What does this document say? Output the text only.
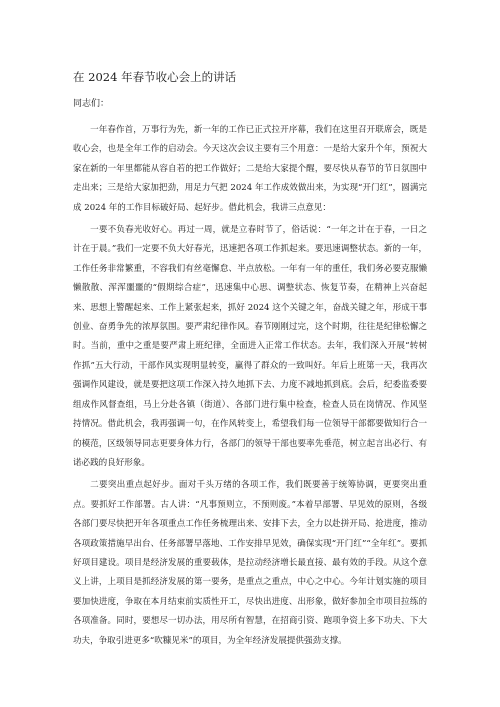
在 2024 年春节收心会上的讲话

同志们：

一年春作首，万事行为先，新一年的工作已正式拉开序幕，我们在这里召开联席会，既是收心会，也是全年工作的启动会。今天这次会议主要有三个用意：一是给大家升个年，预祝大家在新的一年里都能从容自若的把工作做好；二是给大家提个醒，要尽快从春节的节日氛围中走出来；三是给大家加把劲，用足力气把 2024 年工作成效做出来，为实现“开门红”，圆满完成 2024 年的工作目标破好局、起好步。借此机会，我讲三点意见：

一要不负春光收好心。再过一周，就是立春时节了，俗话说：“一年之计在于春，一日之计在于晨。”我们一定要不负大好春光，迅速把各项工作抓起来。要迅速调整状态。新的一年，工作任务非常繁重，不容我们有丝毫懈怠、半点放松。一年有一年的重任，我们务必要克服懒懒散散、浑浑噩噩的“假期综合症”，迅速集中心思、调整状态、恢复节奏，在精神上兴奋起来、思想上警醒起来、工作上紧张起来，抓好 2024 这个关键之年，奋战关键之年，形成干事创业、奋勇争先的浓厚氛围。要严肃纪律作风。春节刚刚过完，这个时期，往往是纪律松懈之时。当前，重中之重是要严肃上班纪律，全面进入正常工作状态。去年，我们深入开展“转树作抓”五大行动，干部作风实现明显转变，赢得了群众的一致叫好。年后上班第一天，我再次强调作风建设，就是要把这项工作深入持久地抓下去、力度不减地抓到底。会后，纪委监委要组成作风督查组，马上分赴各镇（街道）、各部门进行集中检查，检查人员在岗情况、作风坚持情况。借此机会，我再强调一句，在作风转变上，希望我们每一位领导干部都要做知行合一的模范，区级领导同志更要身体力行，各部门的领导干部也要率先垂范，树立起言出必行、有诺必践的良好形象。

二要突出重点起好步。面对千头万绪的各项工作，我们既要善于统筹协调，更要突出重点。要抓好工作部署。古人讲：“凡事预则立，不预则废。”本着早部署、早见效的原则，各级各部门要尽快把开年各项重点工作任务梳理出来、安排下去，全力以赴拼开局、抢进度，推动各项政策措施早出台、任务部署早落地、工作安排早见效，确保实现“开门红”“全年红”。要抓好项目建设。项目是经济发展的重要载体，是拉动经济增长最直接、最有效的手段。从这个意义上讲，上项目是抓经济发展的第一要务，是重点之重点，中心之中心。今年计划实施的项目要加快进度，争取在本月结束前实质性开工，尽快出进度、出形象，做好参加全市项目拉练的各项准备。同时，要想尽一切办法，用尽所有智慧，在招商引资、跑项争资上多下功夫、下大功夫，争取引进更多“吹糠见米”的项目，为全年经济发展提供强劲支撑。
